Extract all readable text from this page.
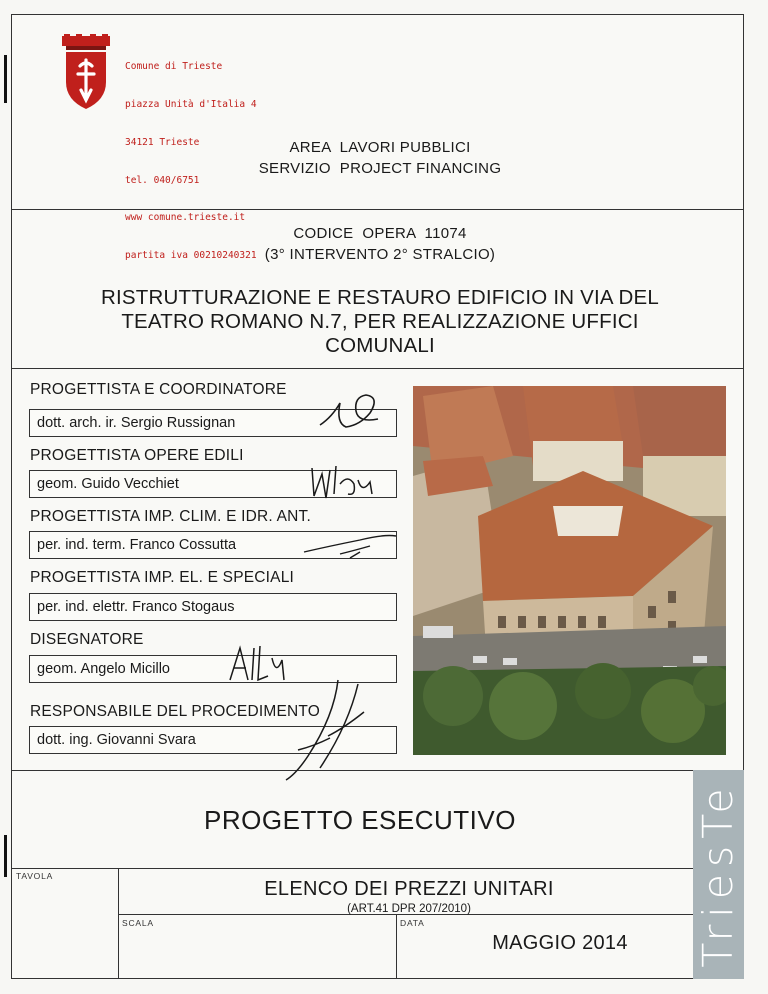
Comune di Trieste

piazza Unità d'Italia 4

34121 Trieste

tel. 040/6751

www comune.trieste.it

partita iva 00210240321

AREA  LAVORI PUBBLICI
SERVIZIO  PROJECT FINANCING
CODICE  OPERA  11074
(3° INTERVENTO 2° STRALCIO)
RISTRUTTURAZIONE E RESTAURO EDIFICIO IN VIA DEL
TEATRO ROMANO N.7, PER REALIZZAZIONE UFFICI
COMUNALI
PROGETTISTA E COORDINATORE
dott. arch. ir. Sergio Russignan
PROGETTISTA OPERE EDILI
geom. Guido Vecchiet
PROGETTISTA IMP. CLIM. E IDR. ANT.
per. ind. term. Franco Cossutta
PROGETTISTA IMP. EL. E SPECIALI
per. ind. elettr. Franco Stogaus
DISEGNATORE
geom. Angelo Micillo
RESPONSABILE DEL PROCEDIMENTO
dott. ing. Giovanni Svara
PROGETTO ESECUTIVO
TAVOLA
ELENCO DEI PREZZI UNITARI
(ART.41 DPR 207/2010)
SCALA	DATA
MAGGIO 2014	TriesTe
